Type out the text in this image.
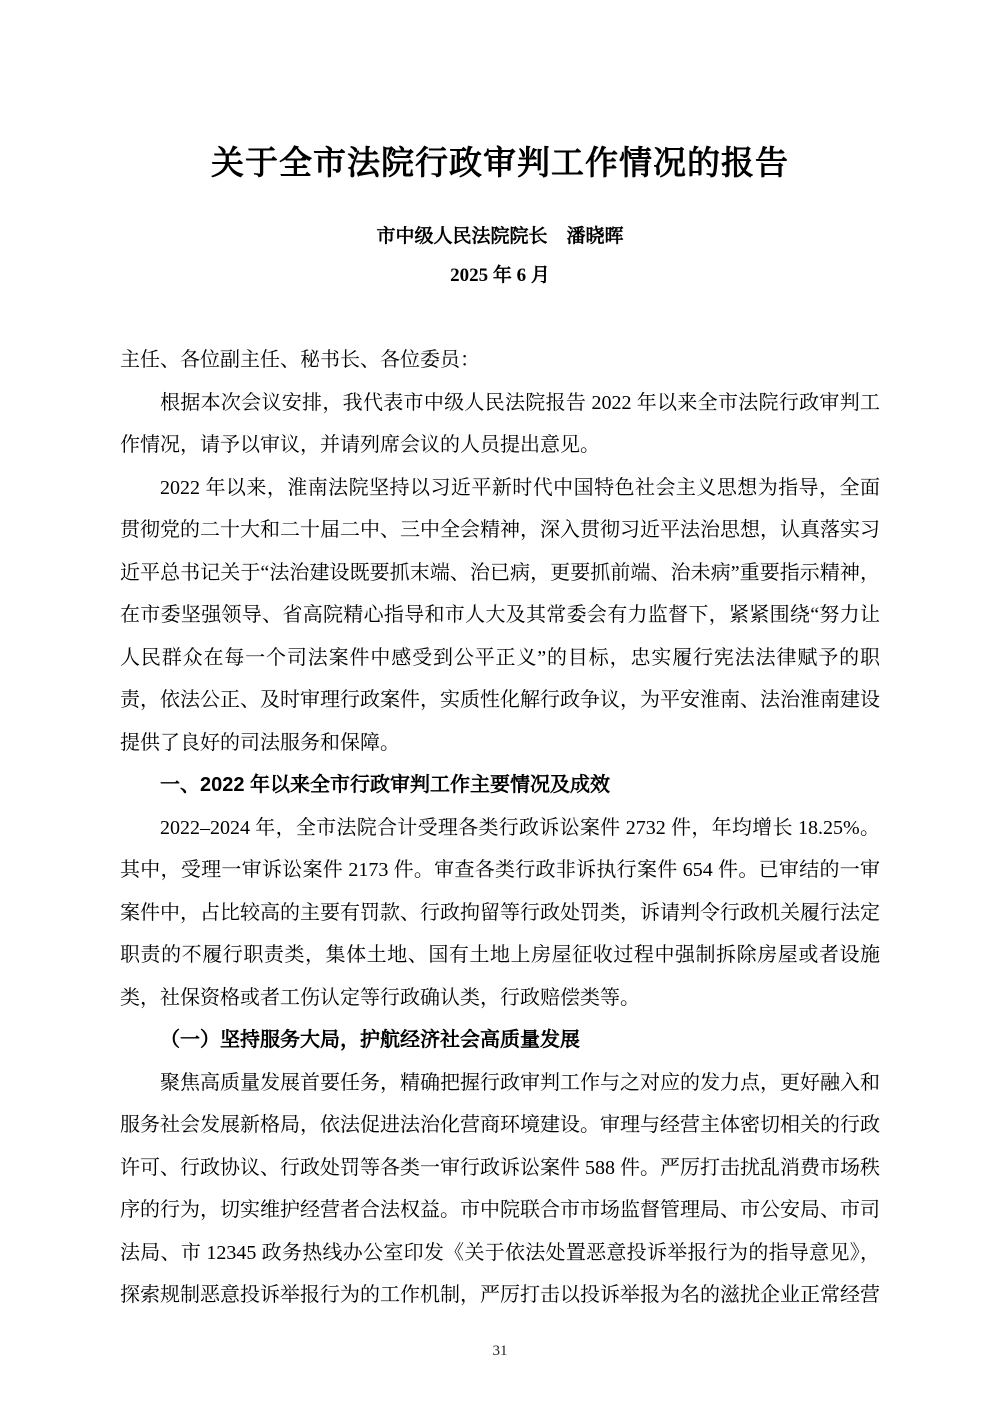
关于全市法院行政审判工作情况的报告
市中级人民法院院长　潘晓晖
2025 年 6 月

主任、各位副主任、秘书长、各位委员：

根据本次会议安排，我代表市中级人民法院报告 2022 年以来全市法院行政审判工作情况，请予以审议，并请列席会议的人员提出意见。

2022 年以来，淮南法院坚持以习近平新时代中国特色社会主义思想为指导，全面贯彻党的二十大和二十届二中、三中全会精神，深入贯彻习近平法治思想，认真落实习近平总书记关于“法治建设既要抓末端、治已病，更要抓前端、治未病”重要指示精神，在市委坚强领导、省高院精心指导和市人大及其常委会有力监督下，紧紧围绕“努力让人民群众在每一个司法案件中感受到公平正义”的目标，忠实履行宪法法律赋予的职责，依法公正、及时审理行政案件，实质性化解行政争议，为平安淮南、法治淮南建设提供了良好的司法服务和保障。

一、2022 年以来全市行政审判工作主要情况及成效

2022–2024 年，全市法院合计受理各类行政诉讼案件 2732 件，年均增长 18.25%。其中，受理一审诉讼案件 2173 件。审查各类行政非诉执行案件 654 件。已审结的一审案件中，占比较高的主要有罚款、行政拘留等行政处罚类，诉请判令行政机关履行法定职责的不履行职责类，集体土地、国有土地上房屋征收过程中强制拆除房屋或者设施类，社保资格或者工伤认定等行政确认类，行政赔偿类等。

（一）坚持服务大局，护航经济社会高质量发展

聚焦高质量发展首要任务，精确把握行政审判工作与之对应的发力点，更好融入和服务社会发展新格局，依法促进法治化营商环境建设。审理与经营主体密切相关的行政许可、行政协议、行政处罚等各类一审行政诉讼案件 588 件。严厉打击扰乱消费市场秩序的行为，切实维护经营者合法权益。市中院联合市市场监督管理局、市公安局、市司法局、市 12345 政务热线办公室印发《关于依法处置恶意投诉举报行为的指导意见》，探索规制恶意投诉举报行为的工作机制，严厉打击以投诉举报为名的滋扰企业正常经营

31
